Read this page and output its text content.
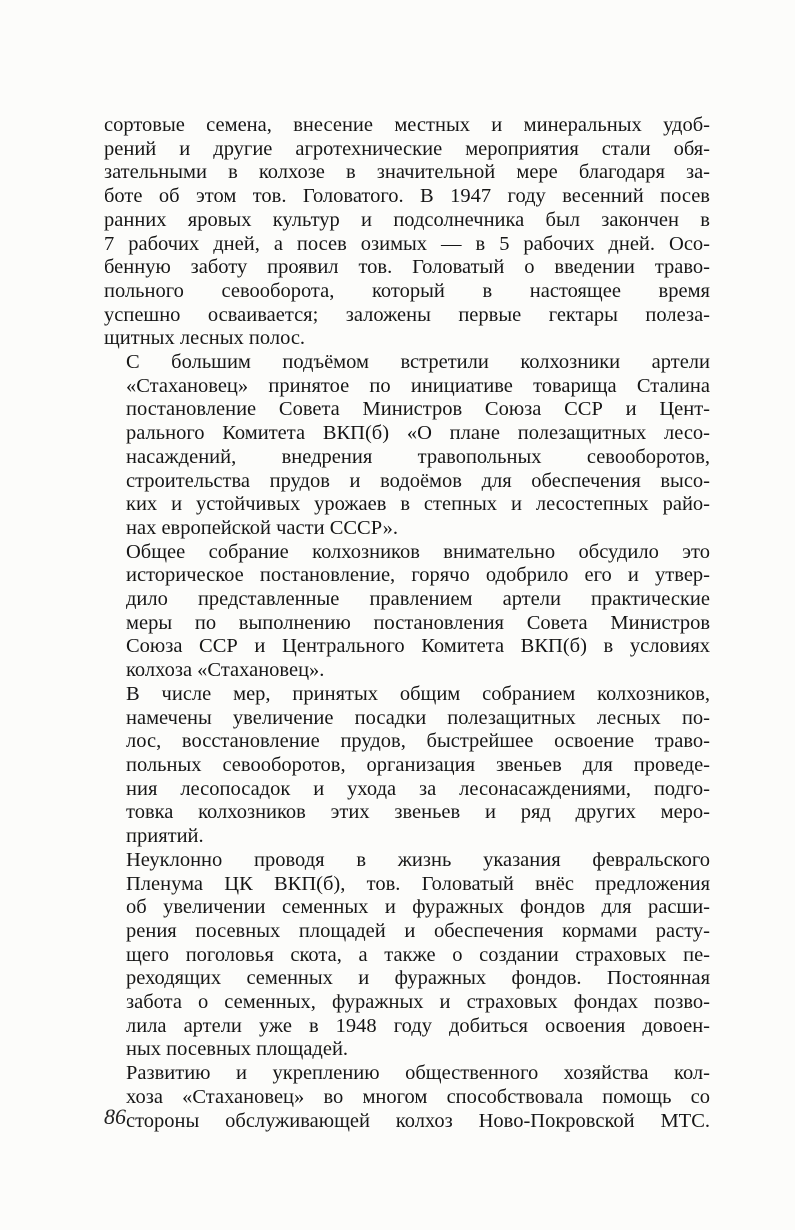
сортовые семена, внесение местных и минеральных удоб-
рений и другие агротехнические мероприятия стали обя-
зательными в колхозе в значительной мере благодаря за-
боте об этом тов. Головатого. В 1947 году весенний посев
ранних яровых культур и подсолнечника был закончен в
7 рабочих дней, а посев озимых — в 5 рабочих дней. Осо-
бенную заботу проявил тов. Головатый о введении траво-
польного севооборота, который в настоящее время
успешно осваивается; заложены первые гектары полеза-
щитных лесных полос.

С большим подъёмом встретили колхозники артели
«Стахановец» принятое по инициативе товарища Сталина
постановление Совета Министров Союза ССР и Цент-
рального Комитета ВКП(б) «О плане полезащитных лесо-
насаждений, внедрения травопольных севооборотов,
строительства прудов и водоёмов для обеспечения высо-
ких и устойчивых урожаев в степных и лесостепных райо-
нах европейской части СССР».

Общее собрание колхозников внимательно обсудило это
историческое постановление, горячо одобрило его и утвер-
дило представленные правлением артели практические
меры по выполнению постановления Совета Министров
Союза ССР и Центрального Комитета ВКП(б) в условиях
колхоза «Стахановец».

В числе мер, принятых общим собранием колхозников,
намечены увеличение посадки полезащитных лесных по-
лос, восстановление прудов, быстрейшее освоение траво-
польных севооборотов, организация звеньев для проведе-
ния лесопосадок и ухода за лесонасаждениями, подго-
товка колхозников этих звеньев и ряд других меро-
приятий.

Неуклонно проводя в жизнь указания февральского
Пленума ЦК ВКП(б), тов. Головатый внёс предложения
об увеличении семенных и фуражных фондов для расши-
рения посевных площадей и обеспечения кормами расту-
щего поголовья скота, а также о создании страховых пе-
реходящих семенных и фуражных фондов. Постоянная
забота о семенных, фуражных и страховых фондах позво-
лила артели уже в 1948 году добиться освоения довоен-
ных посевных площадей.

Развитию и укреплению общественного хозяйства кол-
хоза «Стахановец» во многом способствовала помощь со
стороны обслуживающей колхоз Ново-Покровской МТС.

86
